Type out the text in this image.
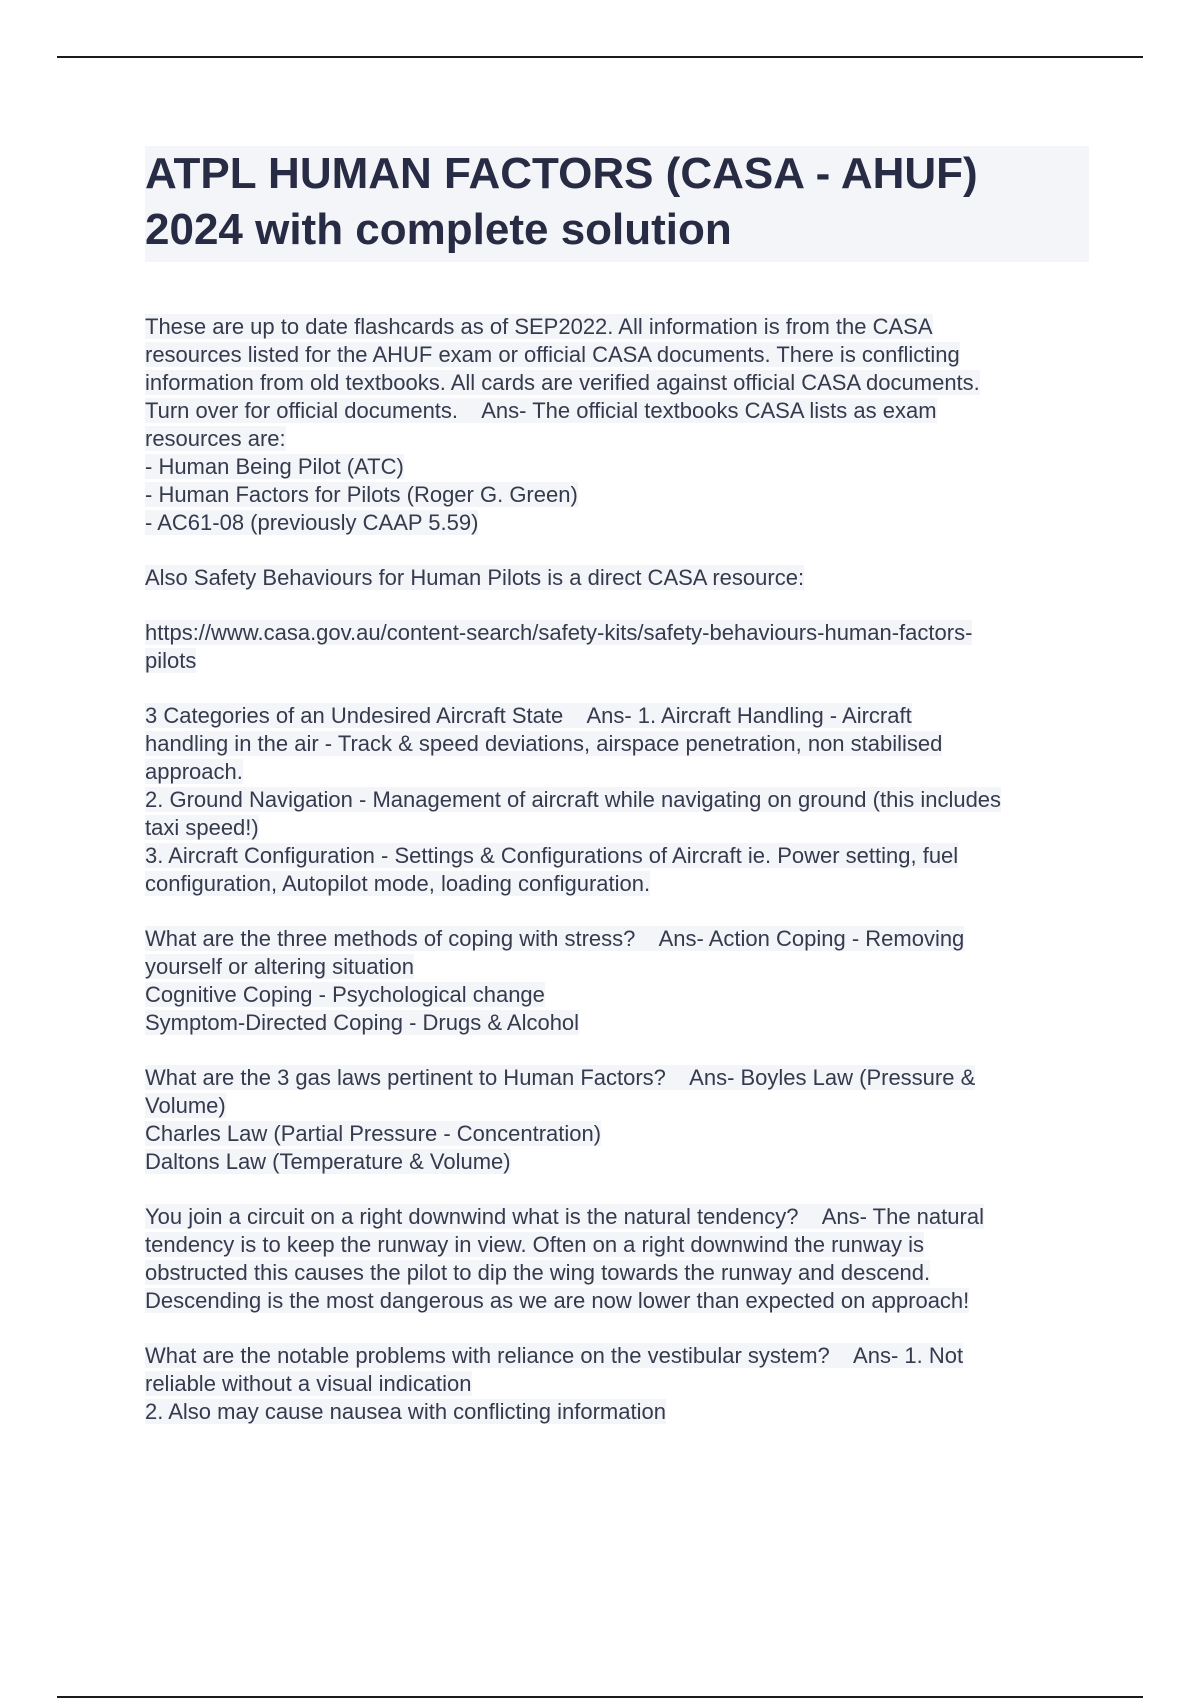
ATPL HUMAN FACTORS (CASA - AHUF)
2024 with complete solution
These are up to date flashcards as of SEP2022. All information is from the CASA
resources listed for the AHUF exam or official CASA documents. There is conflicting
information from old textbooks. All cards are verified against official CASA documents.
Turn over for official documents.    Ans- The official textbooks CASA lists as exam
resources are:
- Human Being Pilot (ATC)
- Human Factors for Pilots (Roger G. Green)
- AC61-08 (previously CAAP 5.59)
Also Safety Behaviours for Human Pilots is a direct CASA resource:
https://www.casa.gov.au/content-search/safety-kits/safety-behaviours-human-factors-
pilots
3 Categories of an Undesired Aircraft State    Ans- 1. Aircraft Handling - Aircraft
handling in the air - Track & speed deviations, airspace penetration, non stabilised
approach.
2. Ground Navigation - Management of aircraft while navigating on ground (this includes
taxi speed!)
3. Aircraft Configuration - Settings & Configurations of Aircraft ie. Power setting, fuel
configuration, Autopilot mode, loading configuration.
What are the three methods of coping with stress?    Ans- Action Coping - Removing
yourself or altering situation
Cognitive Coping - Psychological change
Symptom-Directed Coping - Drugs & Alcohol
What are the 3 gas laws pertinent to Human Factors?    Ans- Boyles Law (Pressure &
Volume)
Charles Law (Partial Pressure - Concentration)
Daltons Law (Temperature & Volume)
You join a circuit on a right downwind what is the natural tendency?    Ans- The natural
tendency is to keep the runway in view. Often on a right downwind the runway is
obstructed this causes the pilot to dip the wing towards the runway and descend.
Descending is the most dangerous as we are now lower than expected on approach!
What are the notable problems with reliance on the vestibular system?    Ans- 1. Not
reliable without a visual indication
2. Also may cause nausea with conflicting information
